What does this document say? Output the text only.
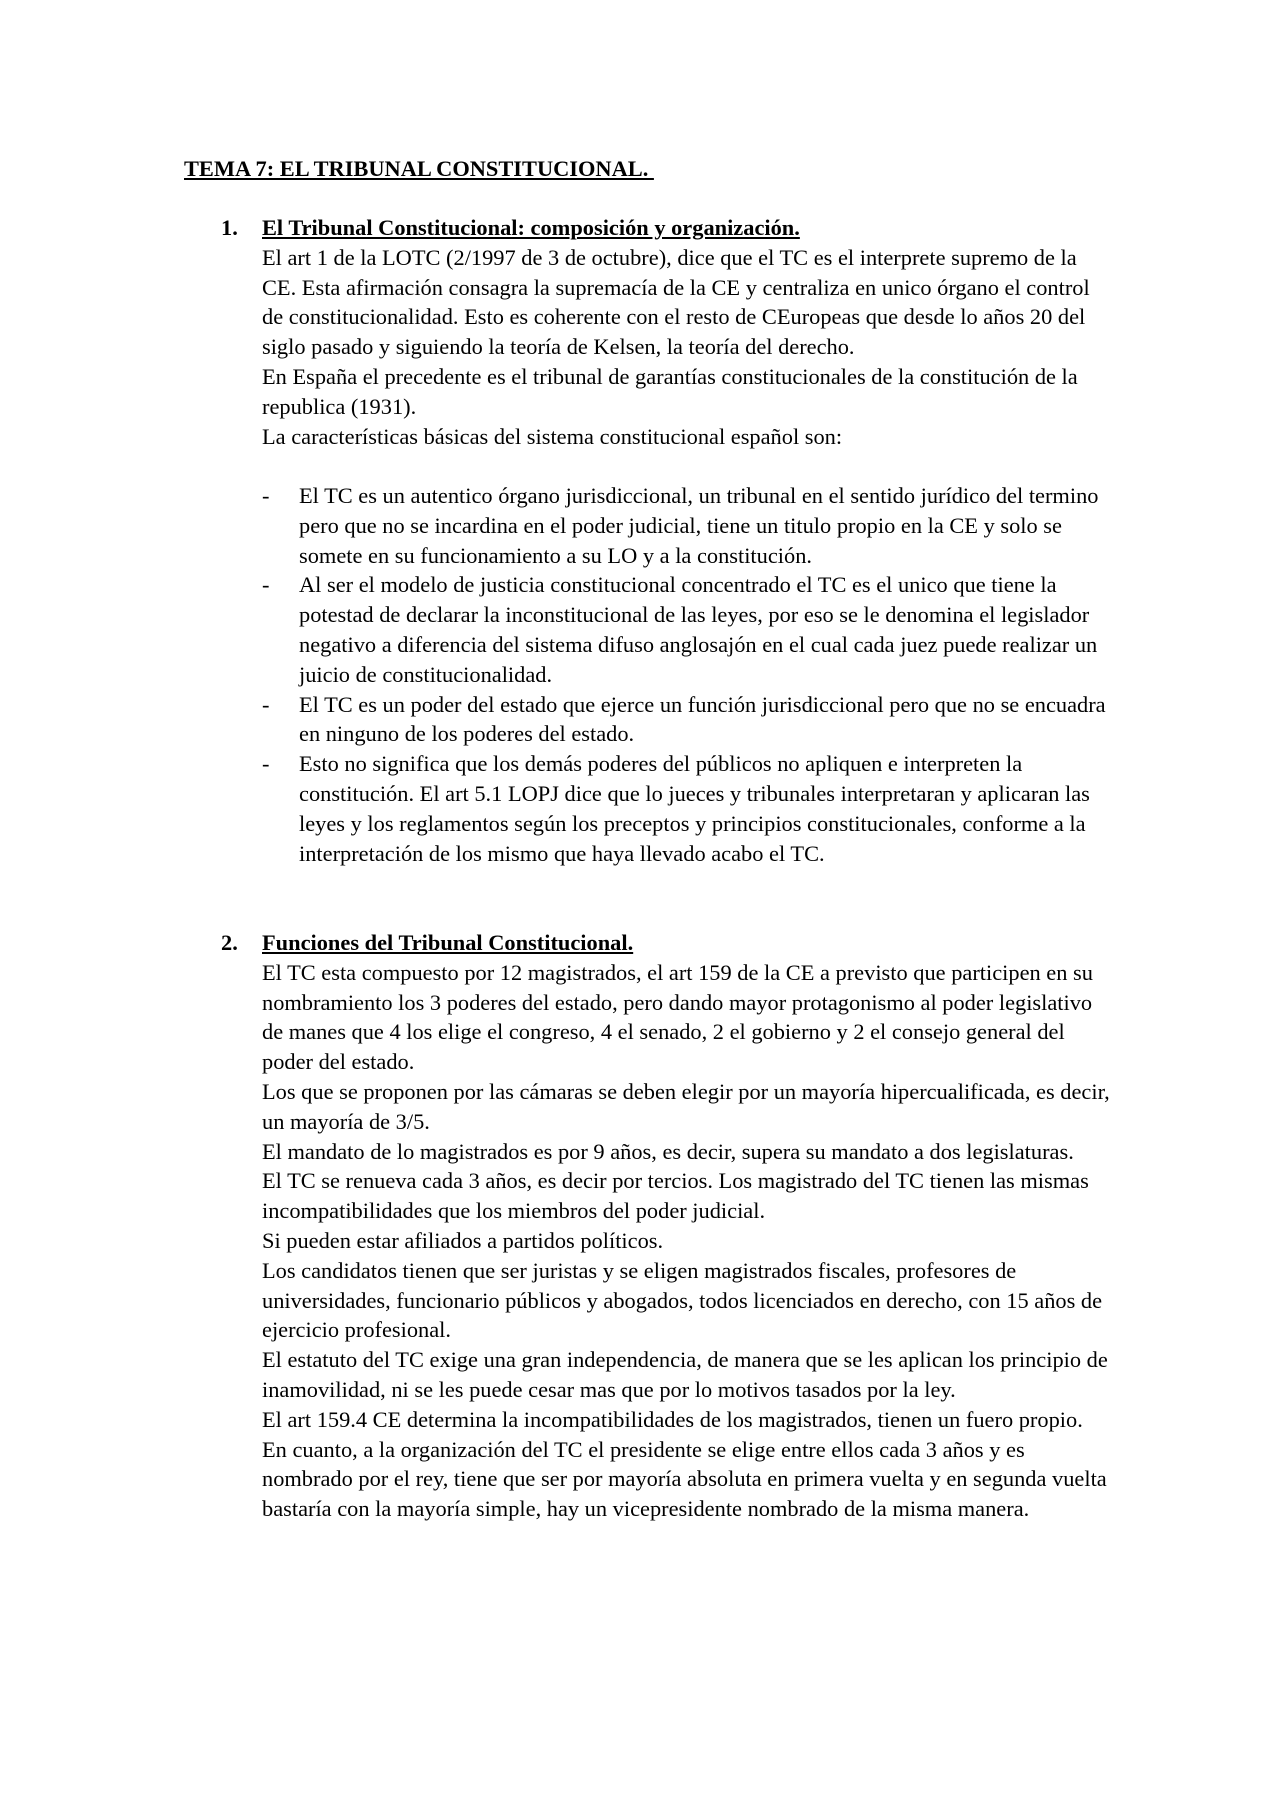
TEMA 7: EL TRIBUNAL CONSTITUCIONAL.
1. El Tribunal Constitucional: composición y organización.

El art 1 de la LOTC (2/1997 de 3 de octubre), dice que el TC es el interprete supremo de la CE. Esta afirmación consagra la supremacía de la CE y centraliza en unico órgano el control de constitucionalidad. Esto es coherente con el resto de CEuropeas que desde lo años 20 del siglo pasado y siguiendo la teoría de Kelsen, la teoría del derecho.

En España el precedente es el tribunal de garantías constitucionales de la constitución de la republica (1931).

La características básicas del sistema constitucional español son:

- El TC es un autentico órgano jurisdiccional, un tribunal en el sentido jurídico del termino pero que no se incardina en el poder judicial, tiene un titulo propio en la CE y solo se somete en su funcionamiento a su LO y a la constitución.
- Al ser el modelo de justicia constitucional concentrado el TC es el unico que tiene la potestad de declarar la inconstitucional de las leyes, por eso se le denomina el legislador negativo a diferencia del sistema difuso anglosajón en el cual cada juez puede realizar un juicio de constitucionalidad.
- El TC es un poder del estado que ejerce un función jurisdiccional pero que no se encuadra en ninguno de los poderes del estado.
- Esto no significa que los demás poderes del públicos no apliquen e interpreten la constitución. El art 5.1 LOPJ dice que lo jueces y tribunales interpretaran y aplicaran las leyes y los reglamentos según los preceptos y principios constitucionales, conforme a la interpretación de los mismo que haya llevado acabo el TC.
2. Funciones del Tribunal Constitucional.

El TC esta compuesto por 12 magistrados, el art 159 de la CE a previsto que participen en su nombramiento los 3 poderes del estado, pero dando mayor protagonismo al poder legislativo de manes que 4 los elige el congreso, 4 el senado, 2 el gobierno y 2 el consejo general del poder del estado.

Los que se proponen por las cámaras se deben elegir por un mayoría hipercualificada, es decir, un mayoría de 3/5.

El mandato de lo magistrados es por 9 años, es decir, supera su mandato a dos legislaturas.

El TC se renueva cada 3 años, es decir por tercios. Los magistrado del TC tienen las mismas incompatibilidades que los miembros del poder judicial.

Si pueden estar afiliados a partidos políticos.

Los candidatos tienen que ser juristas y se eligen magistrados fiscales, profesores de universidades, funcionario públicos y abogados, todos licenciados en derecho, con 15 años de ejercicio profesional.

El estatuto del TC exige una gran independencia, de manera que se les aplican los principio de inamovilidad, ni se les puede cesar mas que por lo motivos tasados por la ley.

El art 159.4 CE determina la incompatibilidades de los magistrados, tienen un fuero propio.

En cuanto, a la organización del TC el presidente se elige entre ellos cada 3 años y es nombrado por el rey, tiene que ser por mayoría absoluta en primera vuelta y en segunda vuelta bastaría con la mayoría simple, hay un vicepresidente nombrado de la misma manera.
